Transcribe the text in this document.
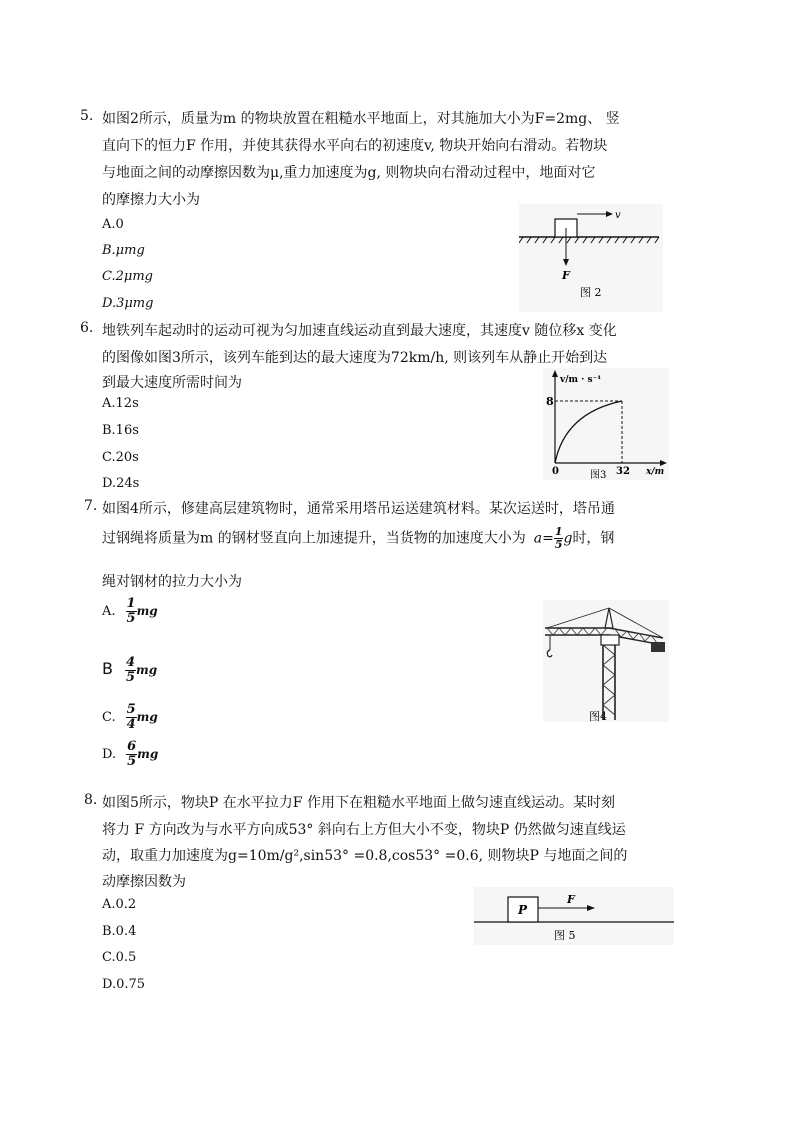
5. 如图2所示，质量为m 的物块放置在粗糙水平地面上，对其施加大小为F=2mg、 竖
直向下的恒力F 作用，并使其获得水平向右的初速度v, 物块开始向右滑动。若物块
与地面之间的动摩擦因数为μ,重力加速度为g, 则物块向右滑动过程中，地面对它
的摩擦力大小为
A.0
B.μmg
C.2μmg
D.3μmg
v
F
图 2
6. 地铁列车起动时的运动可视为匀加速直线运动直到最大速度，其速度v 随位移x 变化
的图像如图3所示，该列车能到达的最大速度为72km/h, 则该列车从静止开始到达
到最大速度所需时间为
A.12s
B.16s
C.20s
D.24s
v/m · s⁻¹
8
0	32 x/m
图3
7. 如图4所示，修建高层建筑物时，通常采用塔吊运送建筑材料。某次运送时，塔吊通
过钢绳将质量为m 的钢材竖直向上加速提升，当货物的加速度大小为 $a= \frac{1}{5}$ g时，钢
绳对钢材的拉力大小为
A. $\frac{1}{5}$ mg
B $\frac{4}{5}$ mg
C. $\frac{5}{4}$ mg
D. $\frac{6}{5}$ mg
图4
8. 如图5所示，物块P 在水平拉力F 作用下在粗糙水平地面上做匀速直线运动。某时刻
将力 F 方向改为与水平方向成53° 斜向右上方但大小不变，物块P 仍然做匀速直线运
动，取重力加速度为g=10m/g²,sin53° =0.8,cos53° =0.6, 则物块P 与地面之间的
动摩擦因数为
A.0.2
B.0.4
C.0.5
D.0.75
P
F
图 5
